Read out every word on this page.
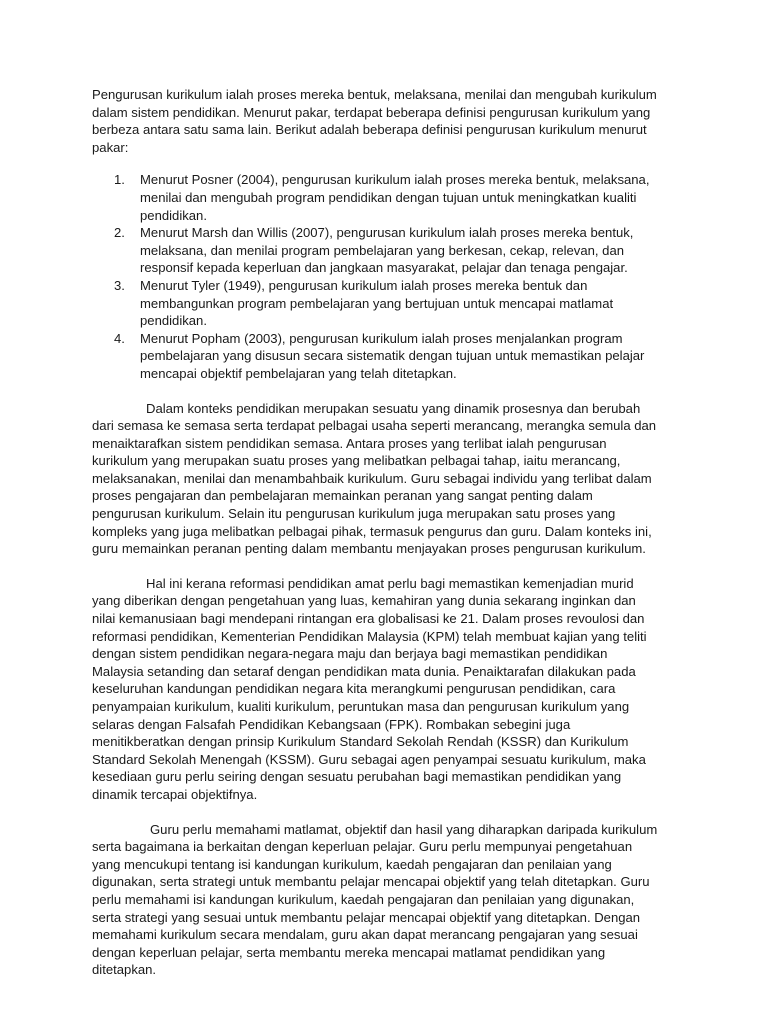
Pengurusan kurikulum ialah proses mereka bentuk, melaksana, menilai dan mengubah kurikulum dalam sistem pendidikan. Menurut pakar, terdapat beberapa definisi pengurusan kurikulum yang berbeza antara satu sama lain. Berikut adalah beberapa definisi pengurusan kurikulum menurut pakar:

1. Menurut Posner (2004), pengurusan kurikulum ialah proses mereka bentuk, melaksana, menilai dan mengubah program pendidikan dengan tujuan untuk meningkatkan kualiti pendidikan.
2. Menurut Marsh dan Willis (2007), pengurusan kurikulum ialah proses mereka bentuk, melaksana, dan menilai program pembelajaran yang berkesan, cekap, relevan, dan responsif kepada keperluan dan jangkaan masyarakat, pelajar dan tenaga pengajar.
3. Menurut Tyler (1949), pengurusan kurikulum ialah proses mereka bentuk dan membangunkan program pembelajaran yang bertujuan untuk mencapai matlamat pendidikan.
4. Menurut Popham (2003), pengurusan kurikulum ialah proses menjalankan program pembelajaran yang disusun secara sistematik dengan tujuan untuk memastikan pelajar mencapai objektif pembelajaran yang telah ditetapkan.

Dalam konteks pendidikan merupakan sesuatu yang dinamik prosesnya dan berubah dari semasa ke semasa serta terdapat pelbagai usaha seperti merancang, merangka semula dan menaiktarafkan sistem pendidikan semasa. Antara proses yang terlibat ialah pengurusan kurikulum yang merupakan suatu proses yang melibatkan pelbagai tahap, iaitu merancang, melaksanakan, menilai dan menambahbaik kurikulum. Guru sebagai individu yang terlibat dalam proses pengajaran dan pembelajaran memainkan peranan yang sangat penting dalam pengurusan kurikulum. Selain itu pengurusan kurikulum juga merupakan satu proses yang kompleks yang juga melibatkan pelbagai pihak, termasuk pengurus dan guru. Dalam konteks ini, guru memainkan peranan penting dalam membantu menjayakan proses pengurusan kurikulum.

Hal ini kerana reformasi pendidikan amat perlu bagi memastikan kemenjadian murid yang diberikan dengan pengetahuan yang luas, kemahiran yang dunia sekarang inginkan dan nilai kemanusiaan bagi mendepani rintangan era globalisasi ke 21. Dalam proses revoulosi dan reformasi pendidikan, Kementerian Pendidikan Malaysia (KPM) telah membuat kajian yang teliti dengan sistem pendidikan negara-negara maju dan berjaya bagi memastikan pendidikan Malaysia setanding dan setaraf dengan pendidikan mata dunia. Penaiktarafan dilakukan pada keseluruhan kandungan pendidikan negara kita merangkumi pengurusan pendidikan, cara penyampaian kurikulum, kualiti kurikulum, peruntukan masa dan pengurusan kurikulum yang selaras dengan Falsafah Pendidikan Kebangsaan (FPK). Rombakan sebegini juga menitikberatkan dengan prinsip Kurikulum Standard Sekolah Rendah (KSSR) dan Kurikulum Standard Sekolah Menengah (KSSM). Guru sebagai agen penyampai sesuatu kurikulum, maka kesediaan guru perlu seiring dengan sesuatu perubahan bagi memastikan pendidikan yang dinamik tercapai objektifnya.

Guru perlu memahami matlamat, objektif dan hasil yang diharapkan daripada kurikulum serta bagaimana ia berkaitan dengan keperluan pelajar. Guru perlu mempunyai pengetahuan yang mencukupi tentang isi kandungan kurikulum, kaedah pengajaran dan penilaian yang digunakan, serta strategi untuk membantu pelajar mencapai objektif yang telah ditetapkan. Guru perlu memahami isi kandungan kurikulum, kaedah pengajaran dan penilaian yang digunakan, serta strategi yang sesuai untuk membantu pelajar mencapai objektif yang ditetapkan. Dengan memahami kurikulum secara mendalam, guru akan dapat merancang pengajaran yang sesuai dengan keperluan pelajar, serta membantu mereka mencapai matlamat pendidikan yang ditetapkan.
